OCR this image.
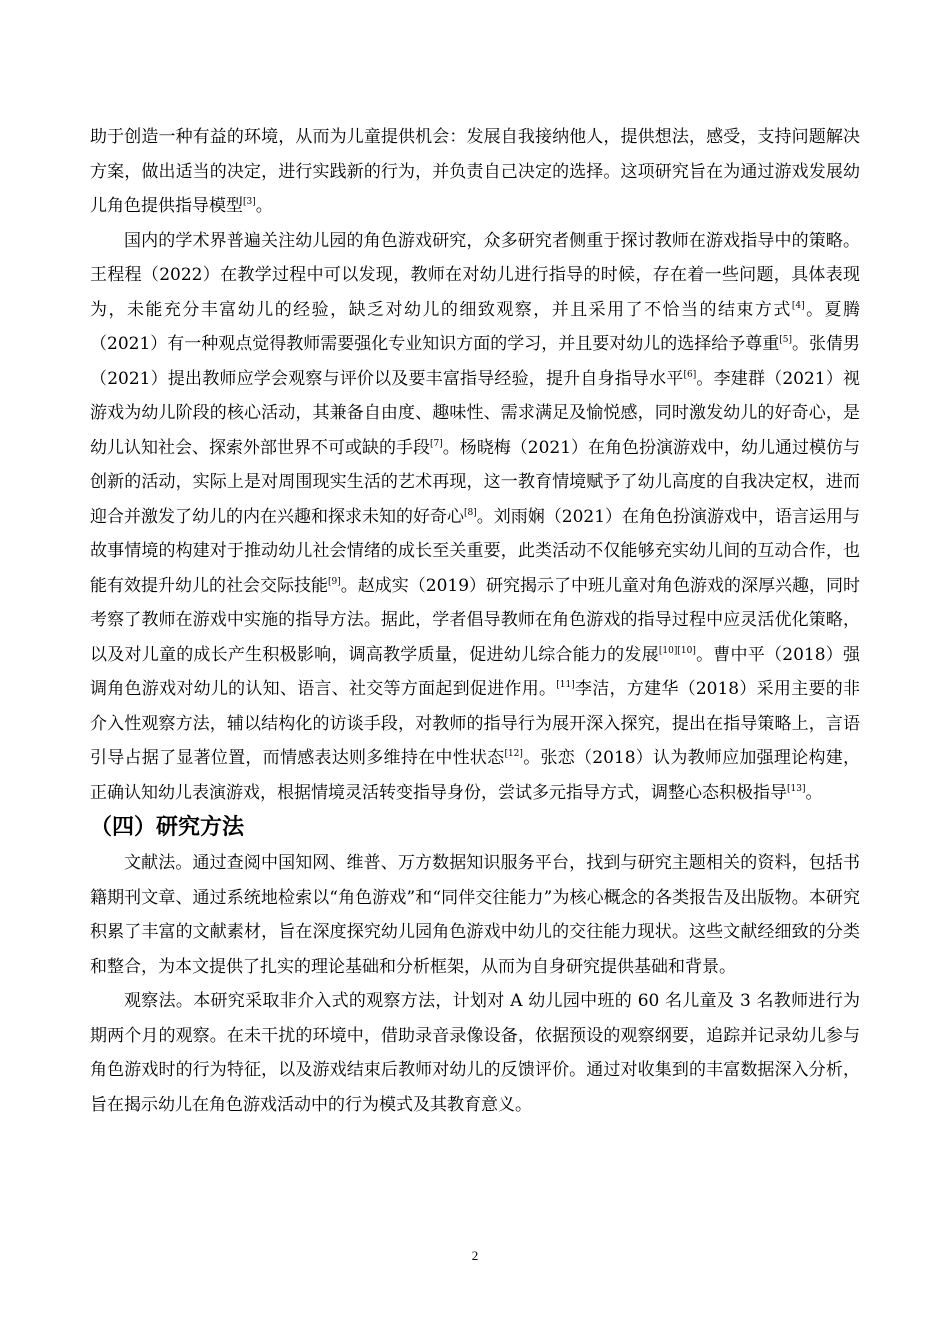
助于创造一种有益的环境，从而为儿童提供机会：发展自我接纳他人，提供想法，感受，支持问题解决方案，做出适当的决定，进行实践新的行为，并负责自己决定的选择。这项研究旨在为通过游戏发展幼儿角色提供指导模型[3]。

国内的学术界普遍关注幼儿园的角色游戏研究，众多研究者侧重于探讨教师在游戏指导中的策略。王程程（2022）在教学过程中可以发现，教师在对幼儿进行指导的时候，存在着一些问题，具体表现为，未能充分丰富幼儿的经验，缺乏对幼儿的细致观察，并且采用了不恰当的结束方式[4]。夏腾（2021）有一种观点觉得教师需要强化专业知识方面的学习，并且要对幼儿的选择给予尊重[5]。张倩男（2021）提出教师应学会观察与评价以及要丰富指导经验，提升自身指导水平[6]。李建群（2021）视游戏为幼儿阶段的核心活动，其兼备自由度、趣味性、需求满足及愉悦感，同时激发幼儿的好奇心，是幼儿认知社会、探索外部世界不可或缺的手段[7]。杨晓梅（2021）在角色扮演游戏中，幼儿通过模仿与创新的活动，实际上是对周围现实生活的艺术再现，这一教育情境赋予了幼儿高度的自我决定权，进而迎合并激发了幼儿的内在兴趣和探求未知的好奇心[8]。刘雨娴（2021）在角色扮演游戏中，语言运用与故事情境的构建对于推动幼儿社会情绪的成长至关重要，此类活动不仅能够充实幼儿间的互动合作，也能有效提升幼儿的社会交际技能[9]。赵成实（2019）研究揭示了中班儿童对角色游戏的深厚兴趣，同时考察了教师在游戏中实施的指导方法。据此，学者倡导教师在角色游戏的指导过程中应灵活优化策略，以及对儿童的成长产生积极影响，调高教学质量，促进幼儿综合能力的发展[10][10]。曹中平（2018）强调角色游戏对幼儿的认知、语言、社交等方面起到促进作用。[11]李洁，方建华（2018）采用主要的非介入性观察方法，辅以结构化的访谈手段，对教师的指导行为展开深入探究，提出在指导策略上，言语引导占据了显著位置，而情感表达则多维持在中性状态[12]。张恋（2018）认为教师应加强理论构建，正确认知幼儿表演游戏，根据情境灵活转变指导身份，尝试多元指导方式，调整心态积极指导[13]。

（四）研究方法

文献法。通过查阅中国知网、维普、万方数据知识服务平台，找到与研究主题相关的资料，包括书籍期刊文章、通过系统地检索以“角色游戏”和“同伴交往能力”为核心概念的各类报告及出版物。本研究积累了丰富的文献素材，旨在深度探究幼儿园角色游戏中幼儿的交往能力现状。这些文献经细致的分类和整合，为本文提供了扎实的理论基础和分析框架，从而为自身研究提供基础和背景。

观察法。本研究采取非介入式的观察方法，计划对 A 幼儿园中班的 60 名儿童及 3 名教师进行为期两个月的观察。在未干扰的环境中，借助录音录像设备，依据预设的观察纲要，追踪并记录幼儿参与角色游戏时的行为特征，以及游戏结束后教师对幼儿的反馈评价。通过对收集到的丰富数据深入分析，旨在揭示幼儿在角色游戏活动中的行为模式及其教育意义。

2
